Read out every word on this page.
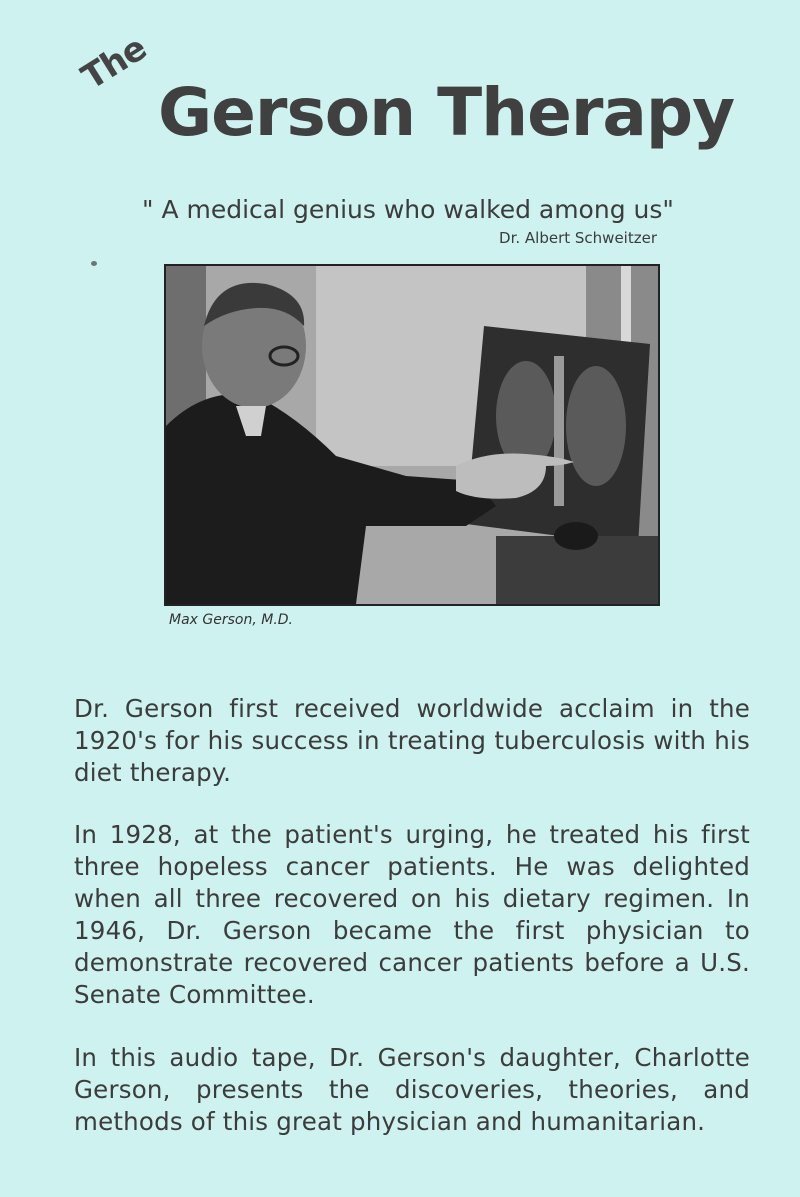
The
Gerson Therapy
" A medical genius who walked among us"
Dr. Albert Schweitzer
Max Gerson, M.D.

Dr. Gerson first received worldwide acclaim in the 1920's for his success in treating tuberculosis with his diet therapy.

In 1928, at the patient's urging, he treated his first three hopeless cancer patients. He was delighted when all three recovered on his dietary regimen. In 1946, Dr. Gerson became the first physician to demonstrate recovered cancer patients before a U.S. Senate Committee.

In this audio tape, Dr. Gerson's daughter, Charlotte Gerson, presents the discoveries, theories, and methods of this great physician and humanitarian.
